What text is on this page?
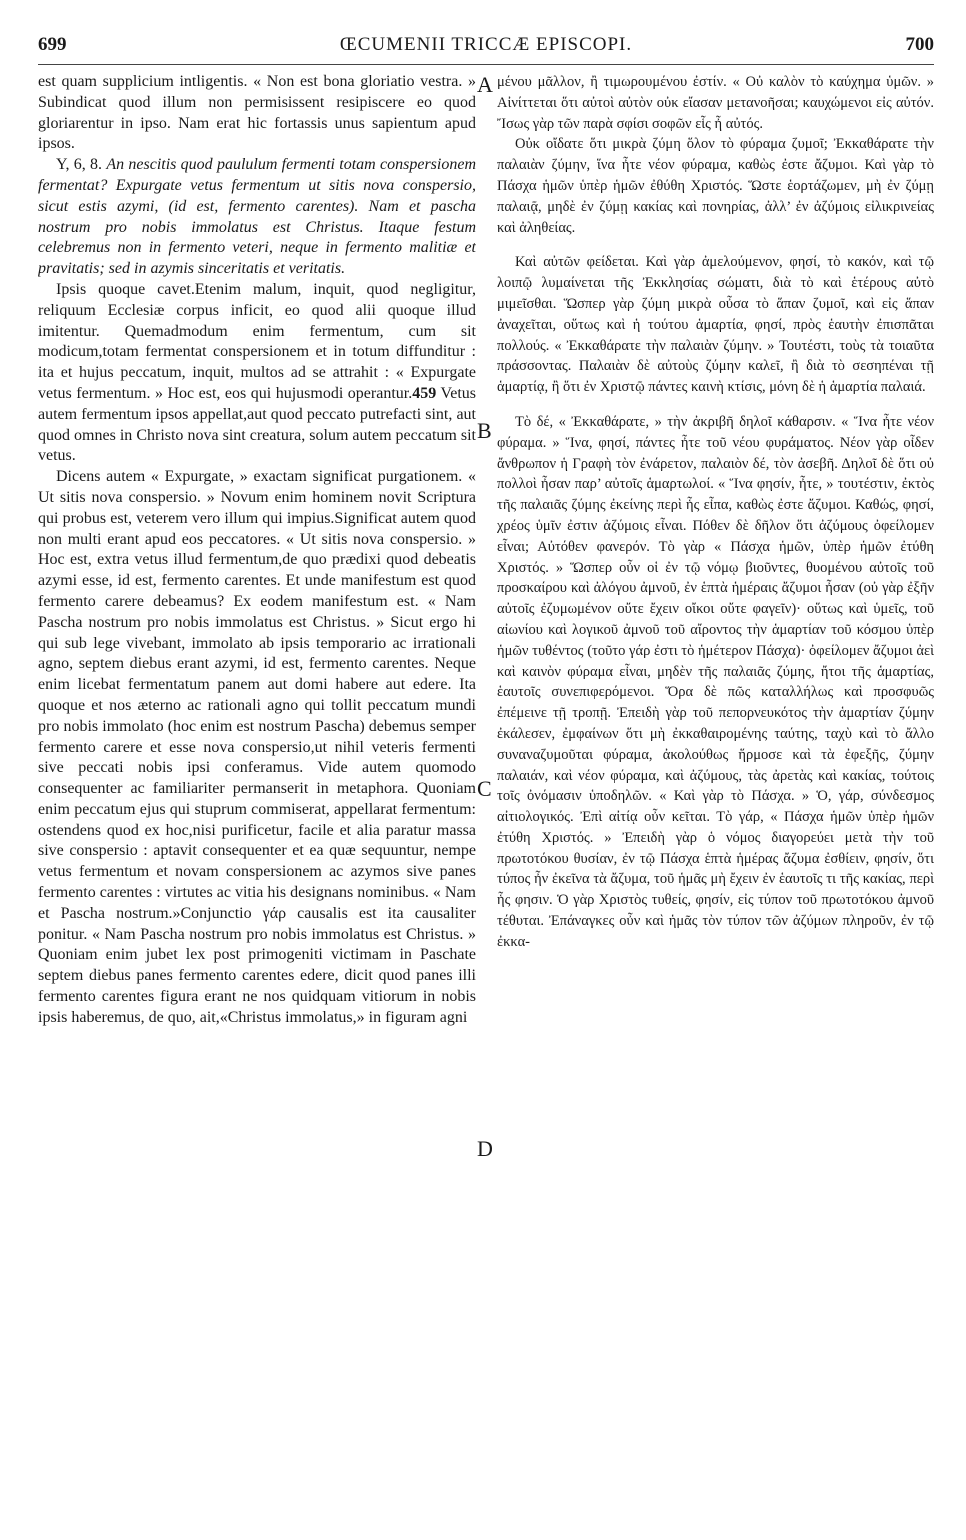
699	ŒCUMENII TRICCÆ EPISCOPI.	700

est quam supplicium intligentis. « Non est bona gloriatio vestra. » Subindicat quod illum non permisissent resipiscere eo quod gloriarentur in ipso. Nam erat hic fortassis unus sapientum apud ipsos.

Y, 6, 8. An nescitis quod paululum fermenti totam conspersionem fermentat? Expurgate vetus fermentum ut sitis nova conspersio, sicut estis azymi, (id est, fermento carentes). Nam et pascha nostrum pro nobis immolatus est Christus. Itaque festum celebremus non in fermento veteri, neque in fermento malitiæ et pravitatis; sed in azymis sinceritatis et veritatis.

Ipsis quoque cavet.Etenim malum, inquit, quod negligitur, reliquum Ecclesiæ corpus inficit, eo quod alii quoque illud imitentur. Quemadmodum enim fermentum, cum sit modicum,totam fermentat conspersionem et in totum diffunditur : ita et hujus peccatum, inquit, multos ad se attrahit : « Expurgate vetus fermentum. » Hoc est, eos qui hujusmodi operantur.459 Vetus autem fermentum ipsos appellat,aut quod peccato putrefacti sint, aut quod omnes in Christo nova sint creatura, solum autem peccatum sit vetus.

Dicens autem « Expurgate, » exactam significat purgationem. « Ut sitis nova conspersio. » Novum enim hominem novit Scriptura qui probus est, veterem vero illum qui impius.Significat autem quod non multi erant apud eos peccatores. « Ut sitis nova conspersio. » Hoc est, extra vetus illud fermentum,de quo prædixi quod debeatis azymi esse, id est, fermento carentes. Et unde manifestum est quod fermento carere debeamus? Ex eodem manifestum est. « Nam Pascha nostrum pro nobis immolatus est Christus. » Sicut ergo hi qui sub lege vivebant, immolato ab ipsis temporario ac irrationali agno, septem diebus erant azymi, id est, fermento carentes. Neque enim licebat fermentatum panem aut domi habere aut edere. Ita quoque et nos æterno ac rationali agno qui tollit peccatum mundi pro nobis immolato (hoc enim est nostrum Pascha) debemus semper fermento carere et esse nova conspersio,ut nihil veteris fermenti sive peccati nobis ipsi conferamus. Vide autem quomodo consequenter ac familiariter permanserit in metaphora. Quoniam enim peccatum ejus qui stuprum commiserat, appellarat fermentum: ostendens quod ex hoc,nisi purificetur, facile et alia paratur massa sive conspersio : aptavit consequenter et ea quæ sequuntur, nempe vetus fermentum et novam conspersionem ac azymos sive panes fermento carentes : virtutes ac vitia his designans nominibus. « Nam et Pascha nostrum.»Conjunctio γάρ causalis est ita causaliter ponitur. « Nam Pascha nostrum pro nobis immolatus est Christus. » Quoniam enim jubet lex post primogeniti victimam in Paschate septem diebus panes fermento carentes edere, dicit quod panes illi fermento carentes figura erant ne nos quidquam vitiorum in nobis ipsis haberemus, de quo, ait,«Christus immolatus,» in figuram agni

A
B
C
D

μένου μᾶλλον, ἢ τιμωρουμένου ἐστίν. « Οὐ καλὸν τὸ καύχημα ὑμῶν. » Αἰνίττεται ὅτι αὐτοὶ αὐτὸν οὐκ εἴασαν μετανοῆσαι; καυχώμενοι εἰς αὐτόν. Ἴσως γὰρ τῶν παρὰ σφίσι σοφῶν εἷς ἦ αὐτός.

Οὐκ οἴδατε ὅτι μικρὰ ζύμη ὅλον τὸ φύραμα ζυμοῖ; Ἐκκαθάρατε τὴν παλαιὰν ζύμην, ἵνα ἦτε νέον φύραμα, καθὼς ἐστε ἄζυμοι. Καὶ γὰρ τὸ Πάσχα ἡμῶν ὑπὲρ ἡμῶν ἐθύθη Χριστός. Ὥστε ἑορτάζωμεν, μὴ ἐν ζύμῃ παλαιᾷ, μηδὲ ἐν ζύμῃ κακίας καὶ πονηρίας, ἀλλ’ ἐν ἀζύμοις εἰλικρινείας καὶ ἀληθείας.

Καὶ αὐτῶν φείδεται. Καὶ γὰρ ἀμελούμενον, φησί, τὸ κακόν, καὶ τῷ λοιπῷ λυμαίνεται τῆς Ἐκκλησίας σώματι, διὰ τὸ καὶ ἑτέρους αὐτὸ μιμεῖσθαι. Ὥσπερ γὰρ ζύμη μικρὰ οὖσα τὸ ἅπαν ζυμοῖ, καὶ εἰς ἅπαν ἀναχεῖται, οὕτως καὶ ἡ τούτου ἁμαρτία, φησί, πρὸς ἑαυτὴν ἐπισπᾶται πολλούς. « Ἐκκαθάρατε τὴν παλαιὰν ζύμην. » Τουτέστι, τοὺς τὰ τοιαῦτα πράσσοντας. Παλαιὰν δὲ αὐτοὺς ζύμην καλεῖ, ἢ διὰ τὸ σεσηπέναι τῇ ἁμαρτίᾳ, ἢ ὅτι ἐν Χριστῷ πάντες καινὴ κτίσις, μόνη δὲ ἡ ἁμαρτία παλαιά.

Τὸ δέ, « Ἐκκαθάρατε, » τὴν ἀκριβῆ δηλοῖ κάθαρσιν. « Ἵνα ἦτε νέον φύραμα. » Ἵνα, φησί, πάντες ἦτε τοῦ νέου φυράματος. Νέον γὰρ οἶδεν ἄνθρωπον ἡ Γραφὴ τὸν ἐνάρετον, παλαιὸν δέ, τὸν ἀσεβῆ. Δηλοῖ δὲ ὅτι οὐ πολλοὶ ἦσαν παρ’ αὐτοῖς ἁμαρτωλοί. « Ἵνα φησίν, ἦτε, » τουτέστιν, ἐκτὸς τῆς παλαιᾶς ζύμης ἐκείνης περὶ ἧς εἶπα, καθὼς ἐστε ἄζυμοι. Καθώς, φησί, χρέος ὑμῖν ἐστιν ἀζύμοις εἶναι. Πόθεν δὲ δῆλον ὅτι ἀζύμους ὀφείλομεν εἶναι; Αὐτόθεν φανερόν. Τὸ γὰρ « Πάσχα ἡμῶν, ὑπὲρ ἡμῶν ἐτύθη Χριστός. » Ὥσπερ οὖν οἱ ἐν τῷ νόμῳ βιοῦντες, θυομένου αὐτοῖς τοῦ προσκαίρου καὶ ἀλόγου ἀμνοῦ, ἐν ἑπτὰ ἡμέραις ἄζυμοι ἦσαν (οὐ γὰρ ἐξῆν αὐτοῖς ἐζυμωμένον οὔτε ἔχειν οἴκοι οὔτε φαγεῖν)· οὕτως καὶ ὑμεῖς, τοῦ αἰωνίου καὶ λογικοῦ ἀμνοῦ τοῦ αἴροντος τὴν ἁμαρτίαν τοῦ κόσμου ὑπὲρ ἡμῶν τυθέντος (τοῦτο γάρ ἐστι τὸ ἡμέτερον Πάσχα)· ὀφείλομεν ἄζυμοι ἀεὶ καὶ καινὸν φύραμα εἶναι, μηδὲν τῆς παλαιᾶς ζύμης, ἤτοι τῆς ἁμαρτίας, ἑαυτοῖς συνεπιφερόμενοι. Ὅρα δὲ πῶς καταλλήλως καὶ προσφυῶς ἐπέμεινε τῇ τροπῇ. Ἐπειδὴ γὰρ τοῦ πεπορνευκότος τὴν ἁμαρτίαν ζύμην ἐκάλεσεν, ἐμφαίνων ὅτι μὴ ἐκκαθαιρομένης ταύτης, ταχὺ καὶ τὸ ἄλλο συναναζυμοῦται φύραμα, ἀκολούθως ἥρμοσε καὶ τὰ ἐφεξῆς, ζύμην παλαιάν, καὶ νέον φύραμα, καὶ ἀζύμους, τὰς ἀρετὰς καὶ κακίας, τούτοις τοῖς ὀνόμασιν ὑποδηλῶν. « Καὶ γὰρ τὸ Πάσχα. » Ὁ, γάρ, σύνδεσμος αἰτιολογικός. Ἐπὶ αἰτίᾳ οὖν κεῖται. Τὸ γάρ, « Πάσχα ἡμῶν ὑπὲρ ἡμῶν ἐτύθη Χριστός. » Ἐπειδὴ γὰρ ὁ νόμος διαγορεύει μετὰ τὴν τοῦ πρωτοτόκου θυσίαν, ἐν τῷ Πάσχα ἑπτὰ ἡμέρας ἄζυμα ἐσθίειν, φησίν, ὅτι τύπος ἦν ἐκεῖνα τὰ ἄζυμα, τοῦ ἡμᾶς μὴ ἔχειν ἐν ἑαυτοῖς τι τῆς κακίας, περὶ ἧς φησιν. Ὁ γὰρ Χριστὸς τυθείς, φησίν, εἰς τύπον τοῦ πρωτοτόκου ἀμνοῦ τέθυται. Ἐπάναγκες οὖν καὶ ἡμᾶς τὸν τύπον τῶν ἀζύμων πληροῦν, ἐν τῷ ἐκκα-
